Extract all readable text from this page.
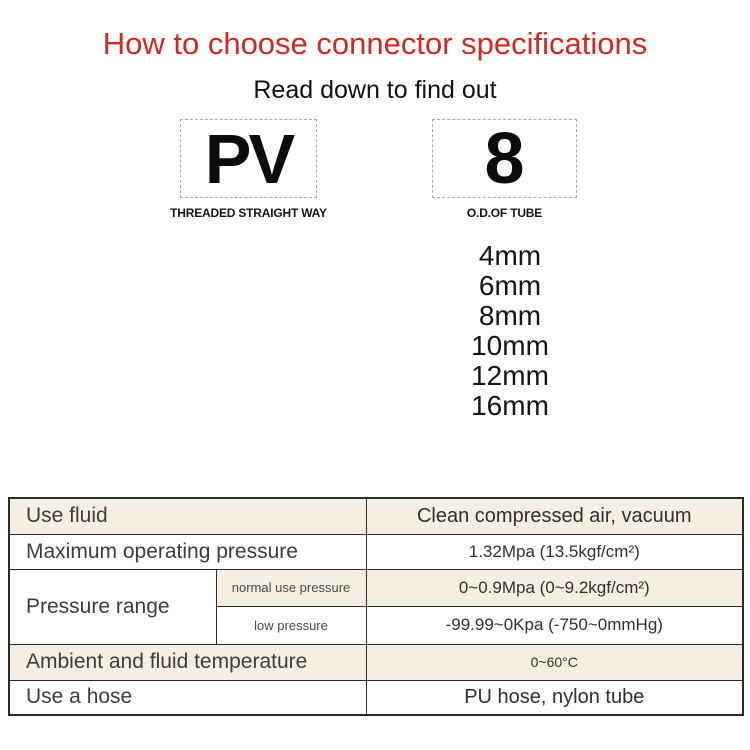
How to choose connector specifications
Read down to find out
PV
THREADED STRAIGHT WAY
8
O.D.OF TUBE
4mm
6mm
8mm
10mm
12mm
16mm
Use fluid		Clean compressed air, vacuum
Maximum operating pressure		1.32Mpa (13.5kgf/cm²)
Pressure range	normal use pressure	0~0.9Mpa (0~9.2kgf/cm²)
	low pressure	-99.99~0Kpa (-750~0mmHg)
Ambient and fluid temperature		0~60°C
Use a hose		PU hose, nylon tube
